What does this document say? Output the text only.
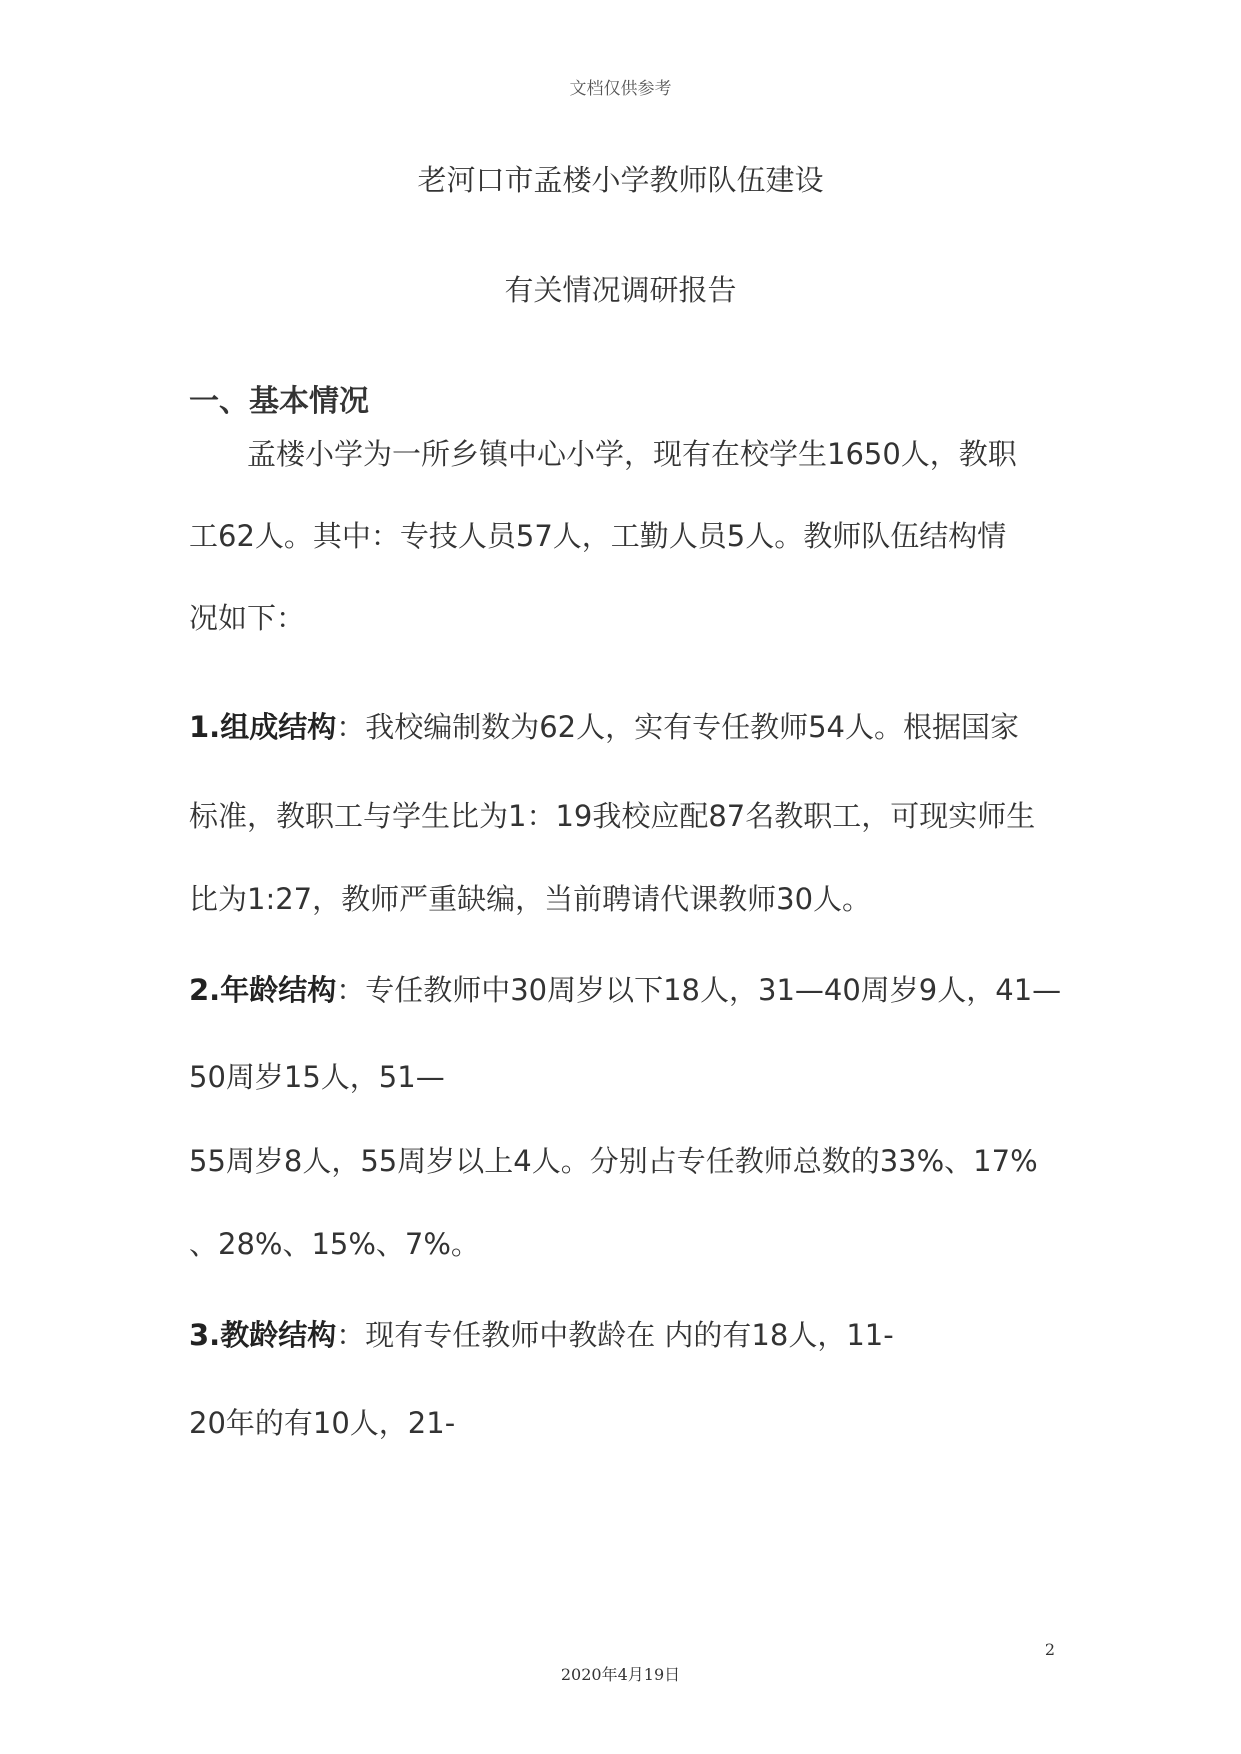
文档仅供参考
老河口市孟楼小学教师队伍建设
有关情况调研报告
一、基本情况
孟楼小学为一所乡镇中心小学，现有在校学生1650人，教职
工62人。其中：专技人员57人，工勤人员5人。教师队伍结构情
况如下：
1.组成结构：我校编制数为62人，实有专任教师54人。根据国家
标准，教职工与学生比为1：19我校应配87名教职工，可现实师生
比为1:27，教师严重缺编，当前聘请代课教师30人。
2.年龄结构：专任教师中30周岁以下18人，31—40周岁9人，41—
50周岁15人，51—
55周岁8人，55周岁以上4人。分别占专任教师总数的33%、17%
、28%、15%、7%。
3.教龄结构：现有专任教师中教龄在 内的有18人，11-
20年的有10人，21-
2
2020年4月19日
